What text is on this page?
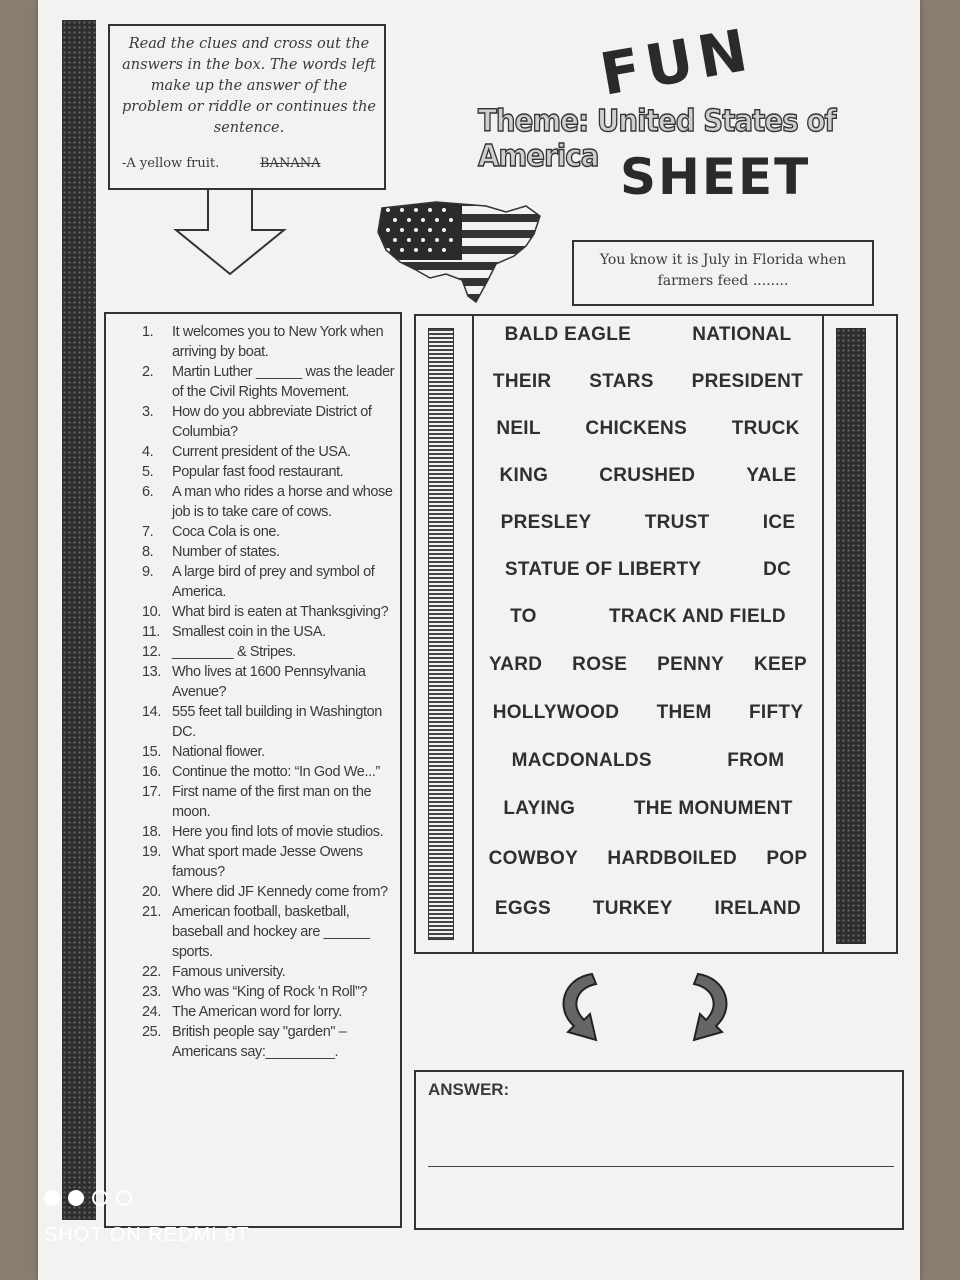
Read the clues and cross out the answers in the box. The words left make up the answer of the problem or riddle or continues the sentence.
-A yellow fruit.	BANANA
FUN
Theme: United States of America SHEET
You know it is July in Florida when farmers feed ........
1.	It welcomes you to New York when arriving by boat.
2.	Martin Luther ______ was the leader of the Civil Rights Movement.
3.	How do you abbreviate District of Columbia?
4.	Current president of the USA.
5.	Popular fast food restaurant.
6.	A man who rides a horse and whose job is to take care of cows.
7.	Coca Cola is one.
8.	Number of states.
9.	A large bird of prey and symbol of America.
10. What bird is eaten at Thanksgiving?
11. Smallest coin in the USA.
12. ________ & Stripes.
13. Who lives at 1600 Pennsylvania Avenue?
14. 555 feet tall building in Washington DC.
15. National flower.
16. Continue the motto: “In God We...”
17. First name of the first man on the moon.
18. Here you find lots of movie studios.
19. What sport made Jesse Owens famous?
20. Where did JF Kennedy come from?
21. American football, basketball, baseball and hockey are ______ sports.
22. Famous university.
23. Who was “King of Rock 'n Roll”?
24. The American word for lorry.
25. British people say "garden" – Americans say:_________.
BALD EAGLE	NATIONAL
THEIR STARS PRESIDENT
NEIL CHICKENS TRUCK
KING	CRUSHED	YALE
PRESLEY	TRUST	ICE
STATUE OF LIBERTY	DC
TO	TRACK AND FIELD
YARD ROSE PENNY KEEP
HOLLYWOOD THEM FIFTY
MACDONALDS	FROM
LAYING	THE MONUMENT
COWBOY HARDBOILED POP
EGGS TURKEY IRELAND
ANSWER:
SHOT ON REDMI 9T
